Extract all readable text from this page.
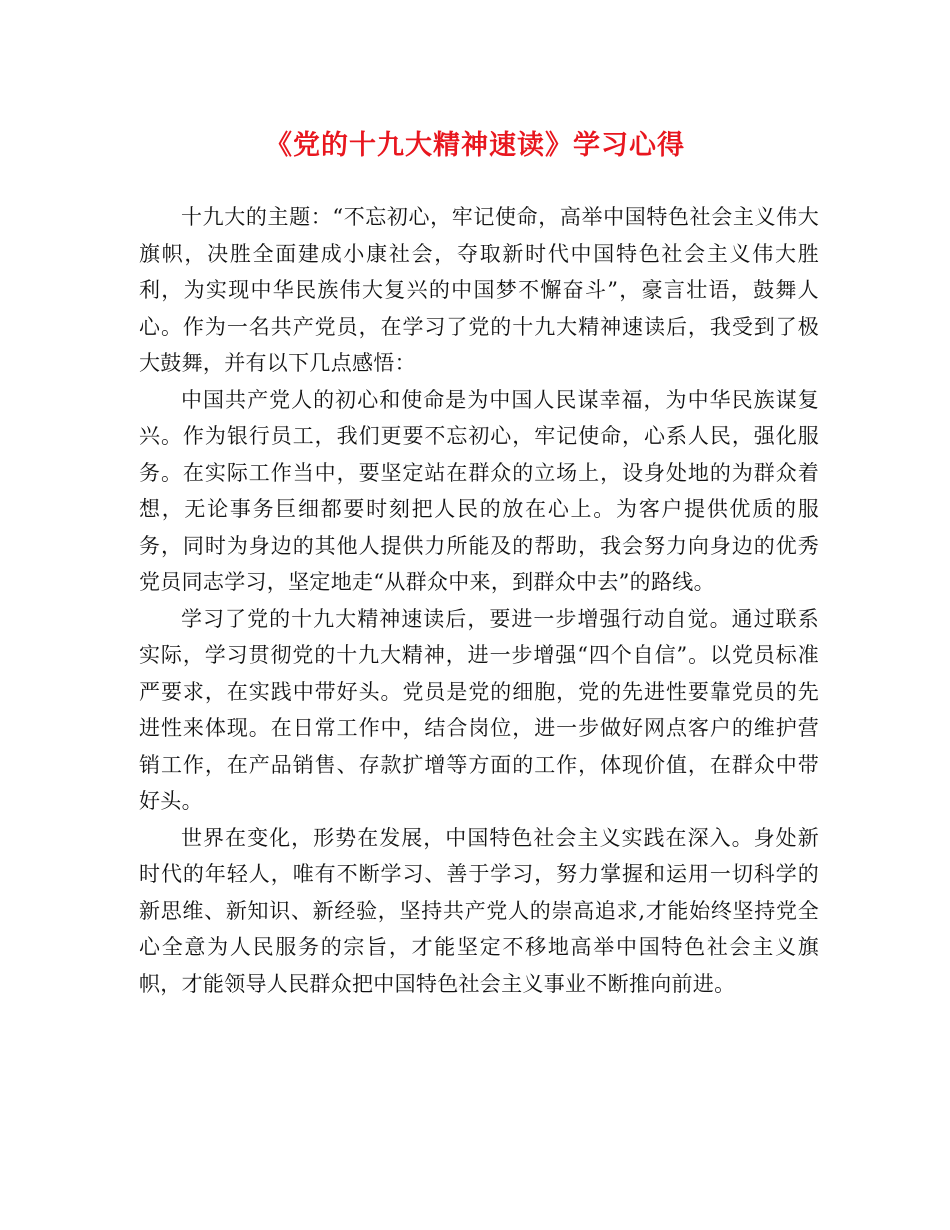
《党的十九大精神速读》学习心得

十九大的主题：“不忘初心，牢记使命，高举中国特色社会主义伟大旗帜，决胜全面建成小康社会，夺取新时代中国特色社会主义伟大胜利，为实现中华民族伟大复兴的中国梦不懈奋斗”，豪言壮语，鼓舞人心。作为一名共产党员，在学习了党的十九大精神速读后，我受到了极大鼓舞，并有以下几点感悟：

中国共产党人的初心和使命是为中国人民谋幸福，为中华民族谋复兴。作为银行员工，我们更要不忘初心，牢记使命，心系人民，强化服务。在实际工作当中，要坚定站在群众的立场上，设身处地的为群众着想，无论事务巨细都要时刻把人民的放在心上。为客户提供优质的服务，同时为身边的其他人提供力所能及的帮助，我会努力向身边的优秀党员同志学习，坚定地走“从群众中来，到群众中去”的路线。

学习了党的十九大精神速读后，要进一步增强行动自觉。通过联系实际，学习贯彻党的十九大精神，进一步增强“四个自信”。以党员标准严要求，在实践中带好头。党员是党的细胞，党的先进性要靠党员的先进性来体现。在日常工作中，结合岗位，进一步做好网点客户的维护营销工作，在产品销售、存款扩增等方面的工作，体现价值，在群众中带好头。

世界在变化，形势在发展，中国特色社会主义实践在深入。身处新时代的年轻人，唯有不断学习、善于学习，努力掌握和运用一切科学的新思维、新知识、新经验，坚持共产党人的崇高追求,才能始终坚持党全心全意为人民服务的宗旨，才能坚定不移地高举中国特色社会主义旗帜，才能领导人民群众把中国特色社会主义事业不断推向前进。
